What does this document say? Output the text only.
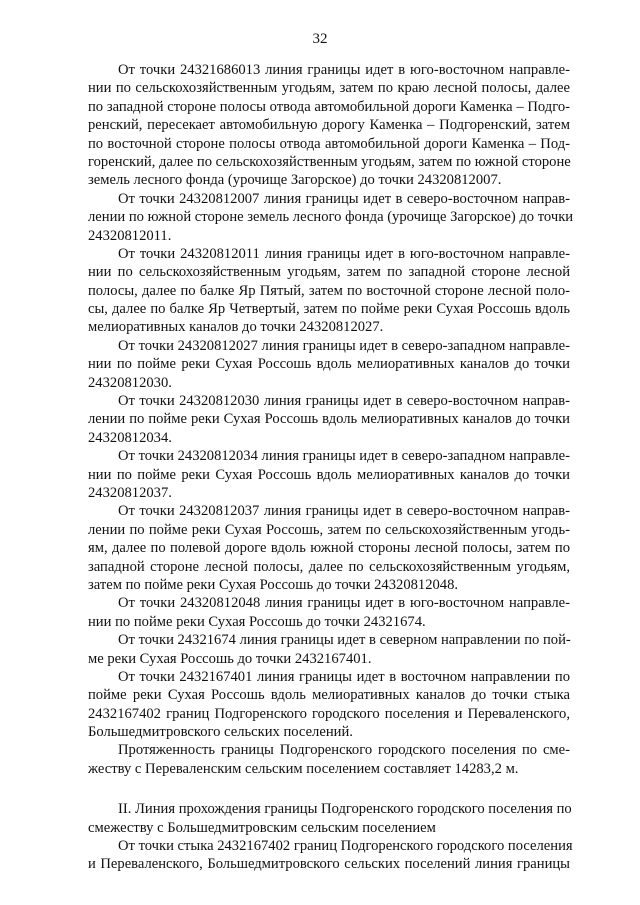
32
От точки 24321686013 линия границы идет в юго-восточном направле-
нии по сельскохозяйственным угодьям, затем по краю лесной полосы, далее
по западной стороне полосы отвода автомобильной дороги Каменка – Подго-
ренский, пересекает автомобильную дорогу Каменка – Подгоренский, затем
по восточной стороне полосы отвода автомобильной дороги Каменка – Под-
горенский, далее по сельскохозяйственным угодьям, затем по южной стороне
земель лесного фонда (урочище Загорское) до точки 24320812007.
От точки 24320812007 линия границы идет в северо-восточном направ-
лении по южной стороне земель лесного фонда (урочище Загорское) до точки
24320812011.
От точки 24320812011 линия границы идет в юго-восточном направле-
нии по сельскохозяйственным угодьям, затем по западной стороне лесной
полосы, далее по балке Яр Пятый, затем по восточной стороне лесной поло-
сы, далее по балке Яр Четвертый, затем по пойме реки Сухая Россошь вдоль
мелиоративных каналов до точки 24320812027.
От точки 24320812027 линия границы идет в северо-западном направле-
нии по пойме реки Сухая Россошь вдоль мелиоративных каналов до точки
24320812030.
От точки 24320812030 линия границы идет в северо-восточном направ-
лении по пойме реки Сухая Россошь вдоль мелиоративных каналов до точки
24320812034.
От точки 24320812034 линия границы идет в северо-западном направле-
нии по пойме реки Сухая Россошь вдоль мелиоративных каналов до точки
24320812037.
От точки 24320812037 линия границы идет в северо-восточном направ-
лении по пойме реки Сухая Россошь, затем по сельскохозяйственным угодь-
ям, далее по полевой дороге вдоль южной стороны лесной полосы, затем по
западной стороне лесной полосы, далее по сельскохозяйственным угодьям,
затем по пойме реки Сухая Россошь до точки 24320812048.
От точки 24320812048 линия границы идет в юго-восточном направле-
нии по пойме реки Сухая Россошь до точки 24321674.
От точки 24321674 линия границы идет в северном направлении по пой-
ме реки Сухая Россошь до точки 2432167401.
От точки 2432167401 линия границы идет в восточном направлении по
пойме реки Сухая Россошь вдоль мелиоративных каналов до точки стыка
2432167402 границ Подгоренского городского поселения и Переваленского,
Большедмитровского сельских поселений.
Протяженность границы Подгоренского городского поселения по сме-
жеству с Переваленским сельским поселением составляет 14283,2 м.
II. Линия прохождения границы Подгоренского городского поселения по
смежеству с Большедмитровским сельским поселением
От точки стыка 2432167402 границ Подгоренского городского поселения
и Переваленского, Большедмитровского сельских поселений линия границы
